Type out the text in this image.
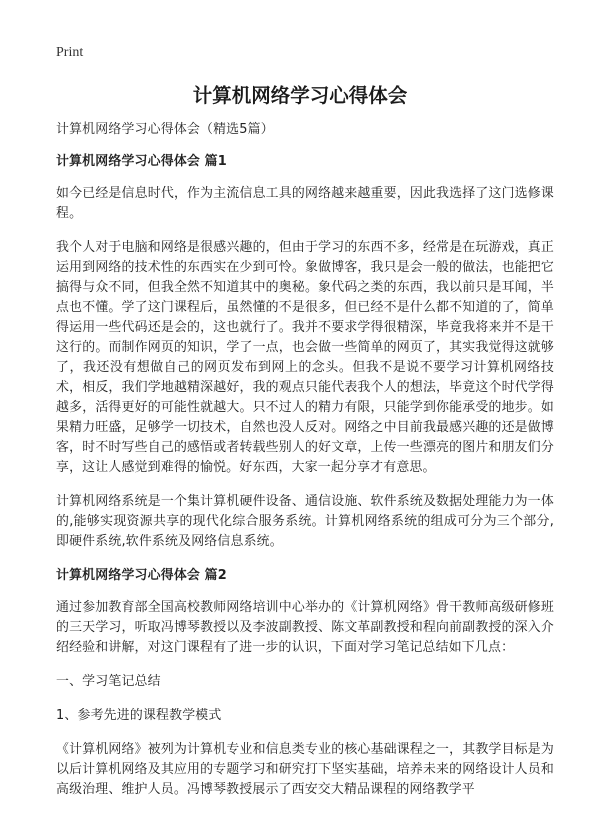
Print
计算机网络学习心得体会

计算机网络学习心得体会（精选5篇）

计算机网络学习心得体会 篇1

如今已经是信息时代，作为主流信息工具的网络越来越重要，因此我选择了这门选修课程。

我个人对于电脑和网络是很感兴趣的，但由于学习的东西不多，经常是在玩游戏，真正运用到网络的技术性的东西实在少到可怜。象做博客，我只是会一般的做法，也能把它搞得与众不同，但我全然不知道其中的奥秘。象代码之类的东西，我以前只是耳闻，半点也不懂。学了这门课程后，虽然懂的不是很多，但已经不是什么都不知道的了，简单得运用一些代码还是会的，这也就行了。我并不要求学得很精深，毕竟我将来并不是干这行的。而制作网页的知识，学了一点，也会做一些简单的网页了，其实我觉得这就够了，我还没有想做自己的网页发布到网上的念头。但我不是说不要学习计算机网络技术，相反，我们学地越精深越好，我的观点只能代表我个人的想法，毕竟这个时代学得越多，活得更好的可能性就越大。只不过人的精力有限，只能学到你能承受的地步。如果精力旺盛，足够学一切技术，自然也没人反对。网络之中目前我最感兴趣的还是做博客，时不时写些自己的感悟或者转载些别人的好文章，上传一些漂亮的图片和朋友们分享，这让人感觉到难得的愉悦。好东西，大家一起分享才有意思。

计算机网络系统是一个集计算机硬件设备、通信设施、软件系统及数据处理能力为一体的,能够实现资源共享的现代化综合服务系统。计算机网络系统的组成可分为三个部分,即硬件系统,软件系统及网络信息系统。

计算机网络学习心得体会 篇2

通过参加教育部全国高校教师网络培训中心举办的《计算机网络》骨干教师高级研修班的三天学习，听取冯博琴教授以及李波副教授、陈文革副教授和程向前副教授的深入介绍经验和讲解，对这门课程有了进一步的认识，下面对学习笔记总结如下几点：

一、学习笔记总结

1、参考先进的课程教学模式

《计算机网络》被列为计算机专业和信息类专业的核心基础课程之一，其教学目标是为以后计算机网络及其应用的专题学习和研究打下坚实基础，培养未来的网络设计人员和高级治理、维护人员。冯博琴教授展示了西安交大精品课程的网络教学平
